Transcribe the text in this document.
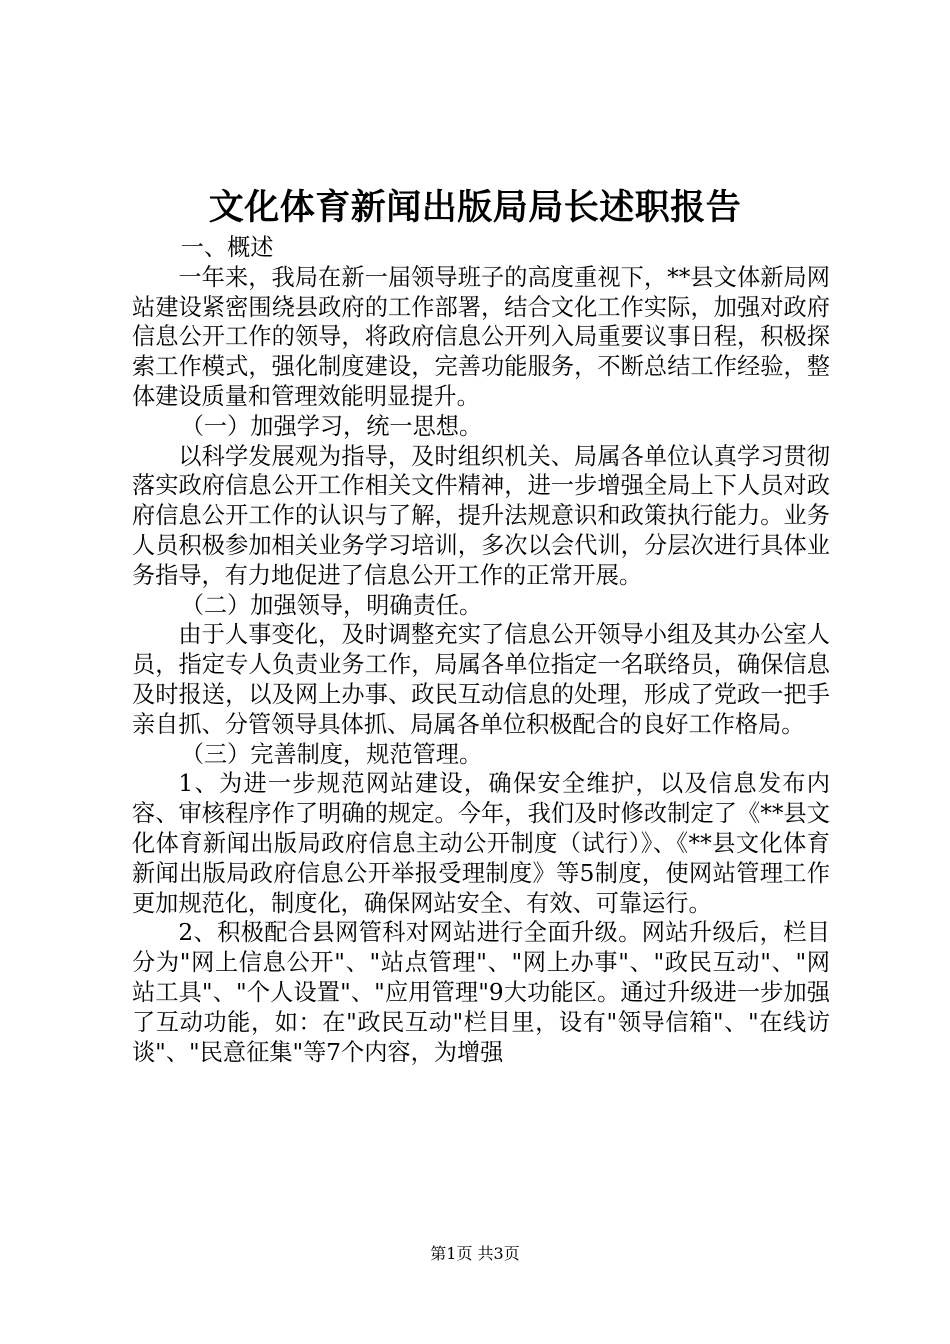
文化体育新闻出版局局长述职报告

一、概述

一年来，我局在新一届领导班子的高度重视下，**县文体新局网站建设紧密围绕县政府的工作部署，结合文化工作实际，加强对政府信息公开工作的领导，将政府信息公开列入局重要议事日程，积极探索工作模式，强化制度建设，完善功能服务，不断总结工作经验，整体建设质量和管理效能明显提升。

（一）加强学习，统一思想。

以科学发展观为指导，及时组织机关、局属各单位认真学习贯彻落实政府信息公开工作相关文件精神，进一步增强全局上下人员对政府信息公开工作的认识与了解，提升法规意识和政策执行能力。业务人员积极参加相关业务学习培训，多次以会代训，分层次进行具体业务指导，有力地促进了信息公开工作的正常开展。

（二）加强领导，明确责任。

由于人事变化，及时调整充实了信息公开领导小组及其办公室人员，指定专人负责业务工作，局属各单位指定一名联络员，确保信息及时报送，以及网上办事、政民互动信息的处理，形成了党政一把手亲自抓、分管领导具体抓、局属各单位积极配合的良好工作格局。

（三）完善制度，规范管理。

1、为进一步规范网站建设，确保安全维护，以及信息发布内容、审核程序作了明确的规定。今年，我们及时修改制定了《**县文化体育新闻出版局政府信息主动公开制度（试行）》、《**县文化体育新闻出版局政府信息公开举报受理制度》等5制度，使网站管理工作更加规范化，制度化，确保网站安全、有效、可靠运行。

2、积极配合县网管科对网站进行全面升级。网站升级后，栏目分为"网上信息公开"、"站点管理"、"网上办事"、"政民互动"、"网站工具"、"个人设置"、"应用管理"9大功能区。通过升级进一步加强了互动功能，如：在"政民互动"栏目里，设有"领导信箱"、"在线访谈"、"民意征集"等7个内容，为增强

第1页 共3页
